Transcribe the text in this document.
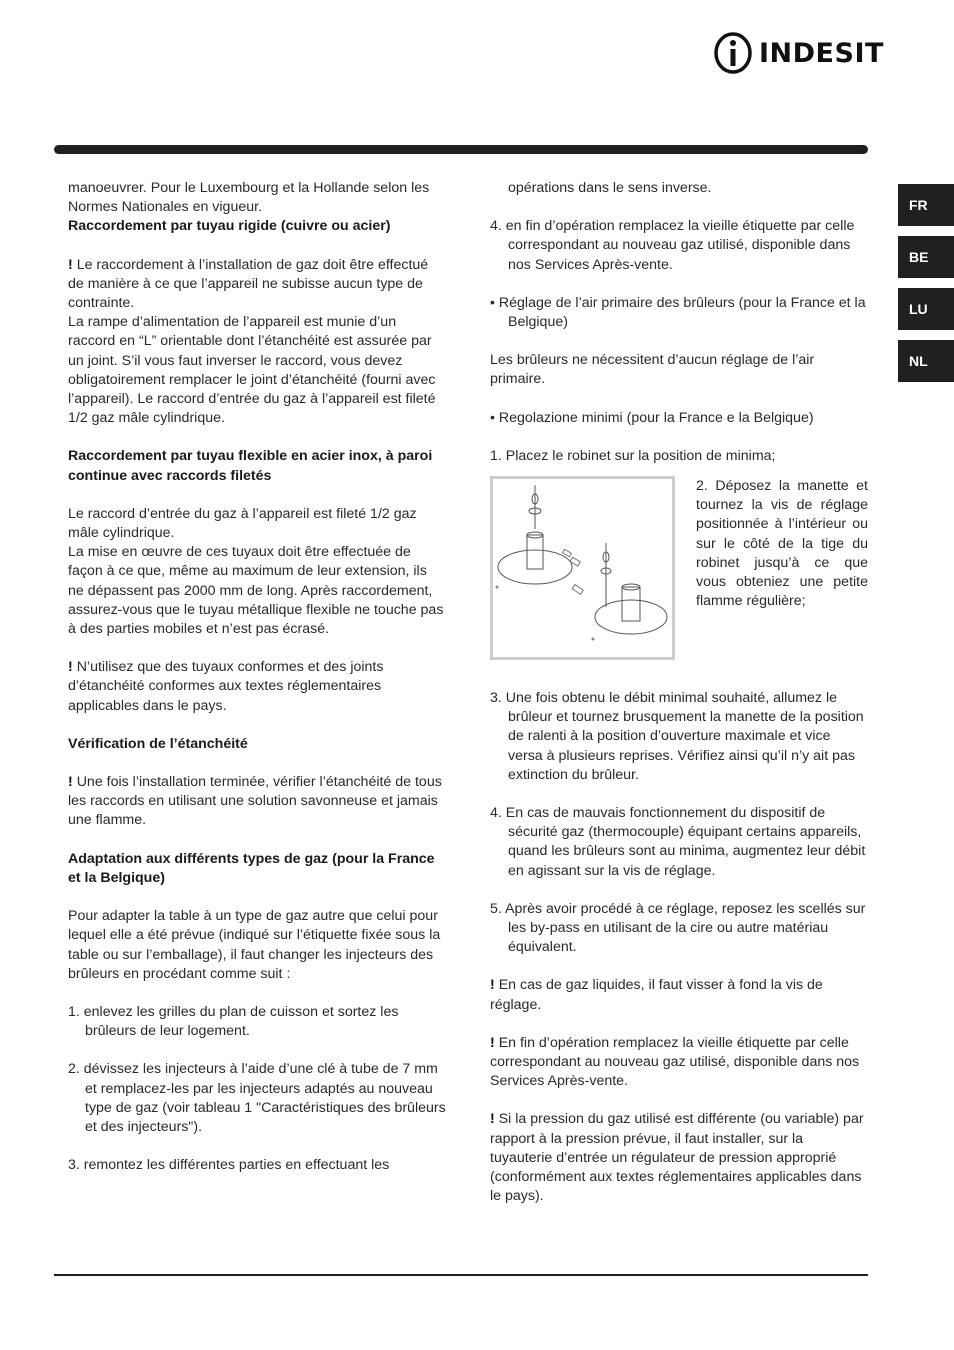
INDESIT
FR
BE
LU
NL

manoeuvrer. Pour le Luxembourg et la Hollande selon les Normes Nationales en vigueur.

Raccordement par tuyau rigide (cuivre ou acier)

! Le raccordement à l’installation de gaz doit être effectué de manière à ce que l’appareil ne subisse aucun type de contrainte.

La rampe d’alimentation de l’appareil est munie d’un raccord en “L” orientable dont l’étanchéité est assurée par un joint. S’il vous faut inverser le raccord, vous devez obligatoirement remplacer le joint d’étanchéité (fourni avec l’appareil). Le raccord d’entrée du gaz à l’appareil est fileté 1/2 gaz mâle cylindrique.

Raccordement par tuyau flexible en acier inox, à paroi continue avec raccords filetés

Le raccord d’entrée du gaz à l’appareil est fileté 1/2 gaz mâle cylindrique.

La mise en œuvre de ces tuyaux doit être effectuée de façon à ce que, même au maximum de leur extension, ils ne dépassent pas 2000 mm de long. Après raccordement, assurez-vous que le tuyau métallique flexible ne touche pas à des parties mobiles et n’est pas écrasé.

! N’utilisez que des tuyaux conformes et des joints d’étanchéité conformes aux textes réglementaires applicables dans le pays.

Vérification de l’étanchéité

! Une fois l’installation terminée, vérifier l’étanchéité de tous les raccords en utilisant une solution savonneuse et jamais une flamme.

Adaptation aux différents types de gaz (pour la France et la Belgique)

Pour adapter la table à un type de gaz autre que celui pour lequel elle a été prévue (indiqué sur l’étiquette fixée sous la table ou sur l’emballage), il faut changer les injecteurs des brûleurs en procédant comme suit :

1. enlevez les grilles du plan de cuisson et sortez les brûleurs de leur logement.

2. dévissez les injecteurs à l’aide d’une clé à tube de 7 mm et remplacez-les par les injecteurs adaptés au nouveau type de gaz (voir tableau 1 "Caractéristiques des brûleurs et des injecteurs").

3. remontez les différentes parties en effectuant les

opérations dans le sens inverse.

4. en fin d’opération remplacez la vieille étiquette par celle correspondant au nouveau gaz utilisé, disponible dans nos Services Après-vente.

• Réglage de l’air primaire des brûleurs (pour la France et la Belgique)

Les brûleurs ne nécessitent d’aucun réglage de l’air primaire.

• Regolazione minimi (pour la France e la Belgique)

1. Placez le robinet sur la position de minima;

2. Déposez la manette et tournez la vis de réglage positionnée à l’intérieur ou sur le côté de la tige du robinet jusqu’à ce que vous obteniez une petite flamme régulière;

3. Une fois obtenu le débit minimal souhaité, allumez le brûleur et tournez brusquement la manette de la position de ralenti à la position d’ouverture maximale et vice versa à plusieurs reprises. Vérifiez ainsi qu’il n’y ait pas extinction du brûleur.

4. En cas de mauvais fonctionnement du dispositif de sécurité gaz (thermocouple) équipant certains appareils, quand les brûleurs sont au minima, augmentez leur débit en agissant sur la vis de réglage.

5. Après avoir procédé à ce réglage, reposez les scellés sur les by-pass en utilisant de la cire ou autre matériau équivalent.

! En cas de gaz liquides, il faut visser à fond la vis de réglage.

! En fin d’opération remplacez la vieille étiquette par celle correspondant au nouveau gaz utilisé, disponible dans nos Services Après-vente.

! Si la pression du gaz utilisé est différente (ou variable) par rapport à la pression prévue, il faut installer, sur la tuyauterie d’entrée un régulateur de pression approprié (conformément aux textes réglementaires applicables dans le pays).
